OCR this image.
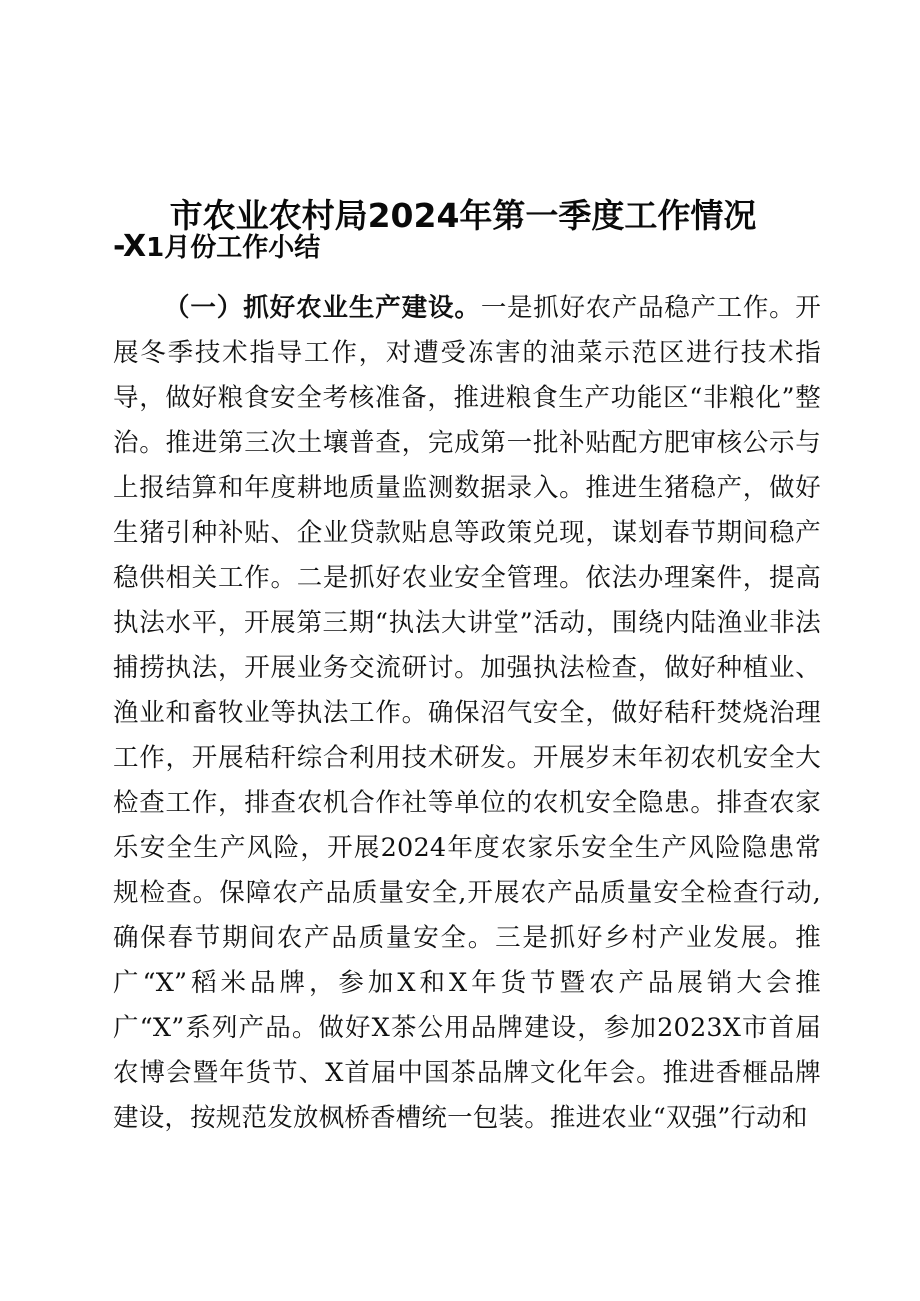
市农业农村局2024年第一季度工作情况
-X1月份工作小结

（一）抓好农业生产建设。一是抓好农产品稳产工作。开展冬季技术指导工作，对遭受冻害的油菜示范区进行技术指导，做好粮食安全考核准备，推进粮食生产功能区“非粮化”整治。推进第三次土壤普查，完成第一批补贴配方肥审核公示与上报结算和年度耕地质量监测数据录入。推进生猪稳产，做好生猪引种补贴、企业贷款贴息等政策兑现，谋划春节期间稳产稳供相关工作。二是抓好农业安全管理。依法办理案件，提高执法水平，开展第三期“执法大讲堂”活动，围绕内陆渔业非法捕捞执法，开展业务交流研讨。加强执法检查，做好种植业、渔业和畜牧业等执法工作。确保沼气安全，做好秸秆焚烧治理工作，开展秸秆综合利用技术研发。开展岁末年初农机安全大检查工作，排查农机合作社等单位的农机安全隐患。排查农家乐安全生产风险，开展2024年度农家乐安全生产风险隐患常规检查。保障农产品质量安全,开展农产品质量安全检查行动,确保春节期间农产品质量安全。三是抓好乡村产业发展。推广“X”稻米品牌，参加X和X年货节暨农产品展销大会推广“X”系列产品。做好X茶公用品牌建设，参加2023X市首届农博会暨年货节、X首届中国茶品牌文化年会。推进香榧品牌建设，按规范发放枫桥香槽统一包装。推进农业“双强”行动和
